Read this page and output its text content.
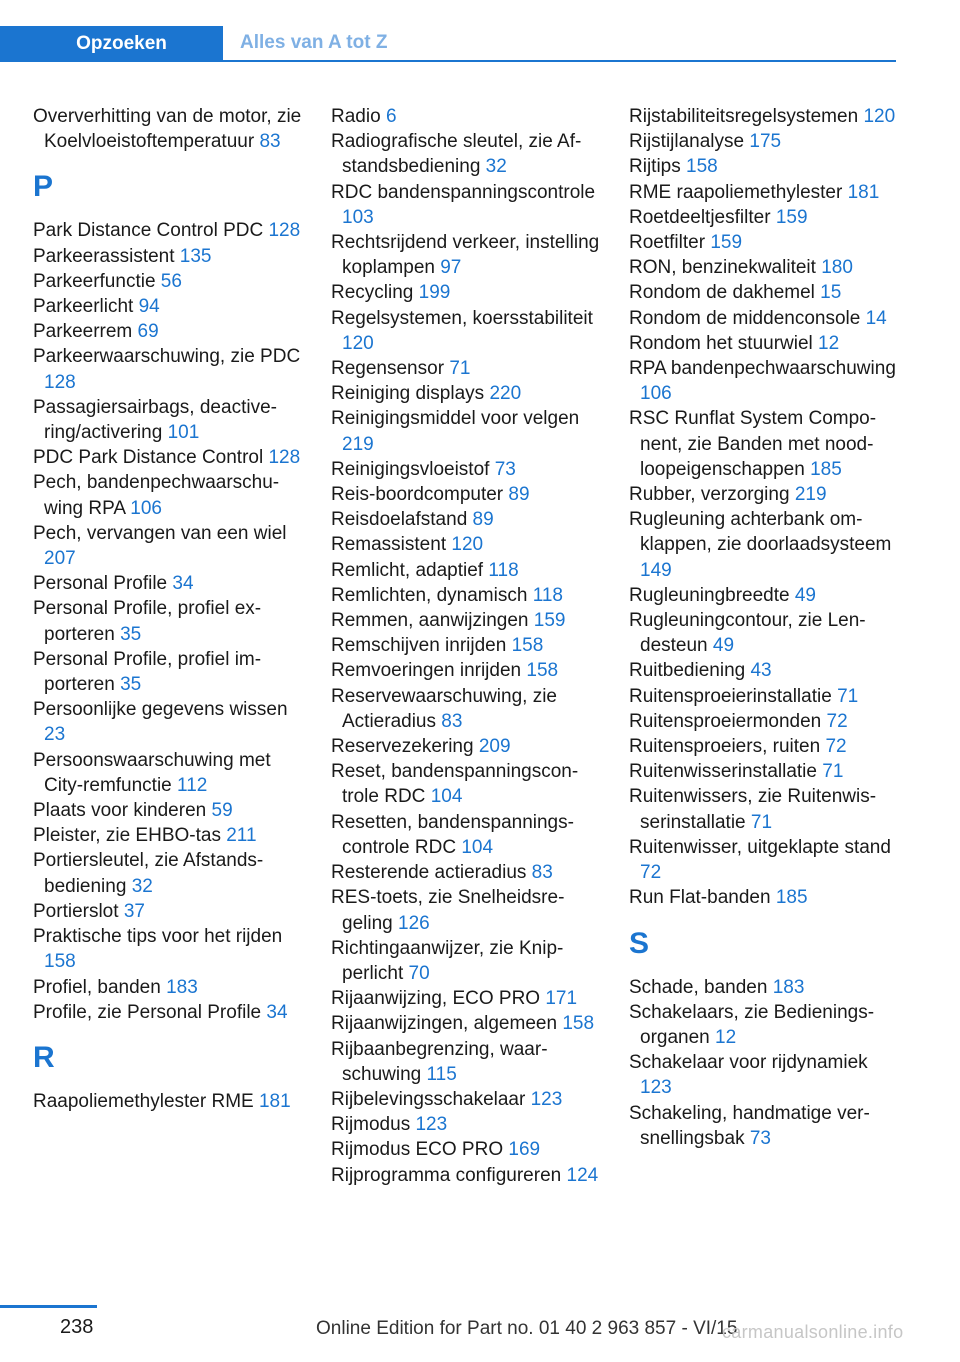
Opzoeken	Alles van A tot Z
Oververhitting van de motor, zie Koelvloeistoftemperatuur 83
P
Park Distance Control PDC 128
Parkeerassistent 135
Parkeerfunctie 56
Parkeerlicht 94
Parkeerrem 69
Parkeerwaarschuwing, zie PDC 128
Passagiersairbags, deactivering/activering 101
PDC Park Distance Control 128
Pech, bandenpechwaarschuwing RPA 106
Pech, vervangen van een wiel 207
Personal Profile 34
Personal Profile, profiel exporteren 35
Personal Profile, profiel importeren 35
Persoonlijke gegevens wissen 23
Persoonswaarschuwing met City-remfunctie 112
Plaats voor kinderen 59
Pleister, zie EHBO-tas 211
Portiersleutel, zie Afstandsbediening 32
Portierslot 37
Praktische tips voor het rijden 158
Profiel, banden 183
Profile, zie Personal Profile 34
R
Raapoliemethylester RME 181
Radio 6
Radiografische sleutel, zie Afstandsbediening 32
RDC bandenspanningscontrole 103
Rechtsrijdend verkeer, instelling koplampen 97
Recycling 199
Regelsystemen, koersstabiliteit 120
Regensensor 71
Reiniging displays 220
Reinigingsmiddel voor velgen 219
Reinigingsvloeistof 73
Reis-boordcomputer 89
Reisdoelafstand 89
Remassistent 120
Remlicht, adaptief 118
Remlichten, dynamisch 118
Remmen, aanwijzingen 159
Remschijven inrijden 158
Remvoeringen inrijden 158
Reservewaarschuwing, zie Actieradius 83
Reservezekering 209
Reset, bandenspanningscontrole RDC 104
Resetten, bandenspanningscontrole RDC 104
Resterende actieradius 83
RES-toets, zie Snelheidsregeling 126
Richtingaanwijzer, zie Knipperlicht 70
Rijaanwijzing, ECO PRO 171
Rijaanwijzingen, algemeen 158
Rijbaanbegrenzing, waarschuwing 115
Rijbelevingsschakelaar 123
Rijmodus 123
Rijmodus ECO PRO 169
Rijprogramma configureren 124
Rijstabiliteitsregelsystemen 120
Rijstijlanalyse 175
Rijtips 158
RME raapoliemethylester 181
Roetdeeltjesfilter 159
Roetfilter 159
RON, benzinekwaliteit 180
Rondom de dakhemel 15
Rondom de middenconsole 14
Rondom het stuurwiel 12
RPA bandenpechwaarschuwing 106
RSC Runflat System Component, zie Banden met noodloopeigenschappen 185
Rubber, verzorging 219
Rugleuning achterbank omklappen, zie doorlaadsysteem 149
Rugleuningbreedte 49
Rugleuningcontour, zie Lendesteun 49
Ruitbediening 43
Ruitensproeierinstallatie 71
Ruitensproeiermonden 72
Ruitensproeiers, ruiten 72
Ruitenwisserinstallatie 71
Ruitenwissers, zie Ruitenwisserinstallatie 71
Ruitenwisser, uitgeklapte stand 72
Run Flat-banden 185
S
Schade, banden 183
Schakelaars, zie Bedieningsorganen 12
Schakelaar voor rijdynamiek 123
Schakeling, handmatige versnellingsbak 73
238	Online Edition for Part no. 01 40 2 963 857 - VI/15
carmanualsonline.info
